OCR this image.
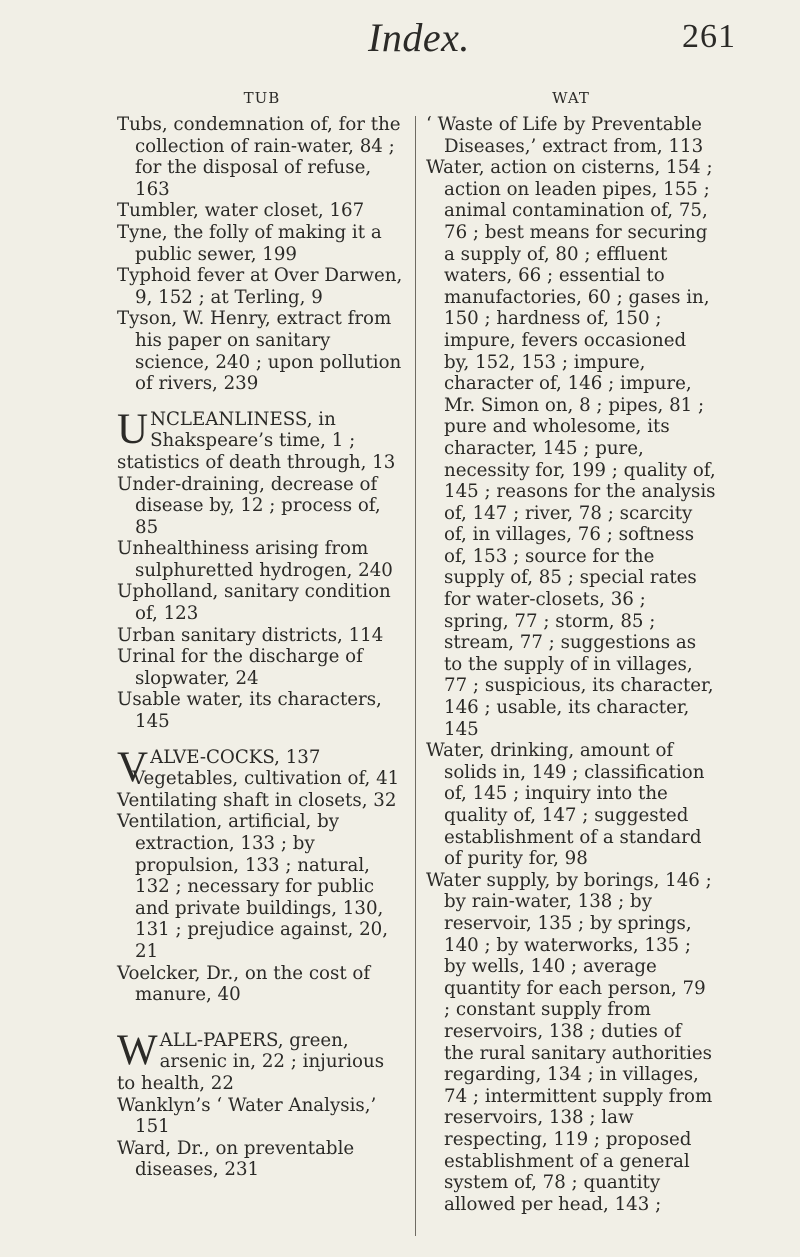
Index.	261
TUB

Tubs, condemnation of, for the collection of rain-water, 84 ; for the disposal of refuse, 163

Tumbler, water closet, 167

Tyne, the folly of making it a public sewer, 199

Typhoid fever at Over Darwen, 9, 152 ; at Terling, 9

Tyson, W. Henry, extract from his paper on sanitary science, 240 ; upon pollution of rivers, 239

UNCLEANLINESS, in Shakspeare’s time, 1 ; statistics of death through, 13

Under-draining, decrease of disease by, 12 ; process of, 85

Unhealthiness arising from sulphuretted hydrogen, 240

Upholland, sanitary condition of, 123

Urban sanitary districts, 114

Urinal for the discharge of slopwater, 24

Usable water, its characters, 145

VALVE-COCKS, 137

Vegetables, cultivation of, 41

Ventilating shaft in closets, 32

Ventilation, artificial, by extraction, 133 ; by propulsion, 133 ; natural, 132 ; necessary for public and private buildings, 130, 131 ; prejudice against, 20, 21

Voelcker, Dr., on the cost of manure, 40

WALL-PAPERS, green, arsenic in, 22 ; injurious to health, 22

Wanklyn’s ‘ Water Analysis,’ 151

Ward, Dr., on preventable diseases, 231

WAT

‘ Waste of Life by Preventable Diseases,’ extract from, 113

Water, action on cisterns, 154 ; action on leaden pipes, 155 ; animal contamination of, 75, 76 ; best means for securing a supply of, 80 ; effluent waters, 66 ; essential to manufactories, 60 ; gases in, 150 ; hardness of, 150 ; impure, fevers occasioned by, 152, 153 ; impure, character of, 146 ; impure, Mr. Simon on, 8 ; pipes, 81 ; pure and wholesome, its character, 145 ; pure, necessity for, 199 ; quality of, 145 ; reasons for the analysis of, 147 ; river, 78 ; scarcity of, in villages, 76 ; softness of, 153 ; source for the supply of, 85 ; special rates for water-closets, 36 ; spring, 77 ; storm, 85 ; stream, 77 ; suggestions as to the supply of in villages, 77 ; suspicious, its character, 146 ; usable, its character, 145

Water, drinking, amount of solids in, 149 ; classification of, 145 ; inquiry into the quality of, 147 ; suggested establishment of a standard of purity for, 98

Water supply, by borings, 146 ; by rain-water, 138 ; by reservoir, 135 ; by springs, 140 ; by waterworks, 135 ; by wells, 140 ; average quantity for each person, 79 ; constant supply from reservoirs, 138 ; duties of the rural sanitary authorities regarding, 134 ; in villages, 74 ; intermittent supply from reservoirs, 138 ; law respecting, 119 ; proposed establishment of a general system of, 78 ; quantity allowed per head, 143 ;
